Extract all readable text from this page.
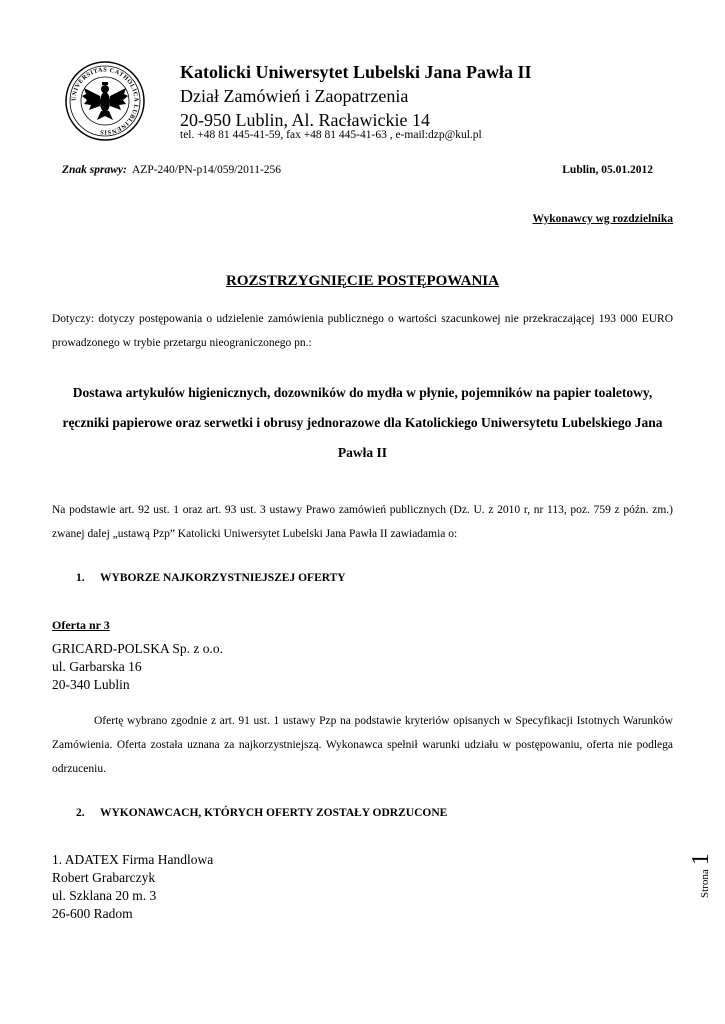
UNIVERSITAS CATHOLICA LUBLINENSIS
Katolicki Uniwersytet Lubelski Jana Pawła II
Dział Zamówień i Zaopatrzenia
20-950 Lublin, Al. Racławickie 14
tel. +48 81 445-41-59, fax +48 81 445-41-63 , e-mail:dzp@kul.pl
Znak sprawy: AZP-240/PN-p14/059/2011-256	Lublin, 05.01.2012
Wykonawcy wg rozdzielnika
ROZSTRZYGNIĘCIE POSTĘPOWANIA
Dotyczy: dotyczy postępowania o udzielenie zamówienia publicznego o wartości szacunkowej nie przekraczającej 193 000 EURO prowadzonego w trybie przetargu nieograniczonego pn.:
Dostawa artykułów higienicznych, dozowników do mydła w płynie, pojemników na papier toaletowy, ręczniki papierowe oraz serwetki i obrusy jednorazowe dla Katolickiego Uniwersytetu Lubelskiego Jana Pawła II
Na podstawie art. 92 ust. 1 oraz art. 93 ust. 3 ustawy Prawo zamówień publicznych (Dz. U. z 2010 r, nr 113, poz. 759 z późn. zm.) zwanej dalej „ustawą Pzp” Katolicki Uniwersytet Lubelski Jana Pawła II zawiadamia o:
1. WYBORZE NAJKORZYSTNIEJSZEJ OFERTY
Oferta nr 3
GRICARD-POLSKA Sp. z o.o.
ul. Garbarska 16
20-340 Lublin
Ofertę wybrano zgodnie z art. 91 ust. 1 ustawy Pzp na podstawie kryteriów opisanych w Specyfikacji Istotnych Warunków Zamówienia. Oferta została uznana za najkorzystniejszą. Wykonawca spełnił warunki udziału w postępowaniu, oferta nie podlega odrzuceniu.
2. WYKONAWCACH, KTÓRYCH OFERTY ZOSTAŁY ODRZUCONE
1. ADATEX Firma Handlowa
Robert Grabarczyk
ul. Szklana 20 m. 3
26-600 Radom
Strona1
